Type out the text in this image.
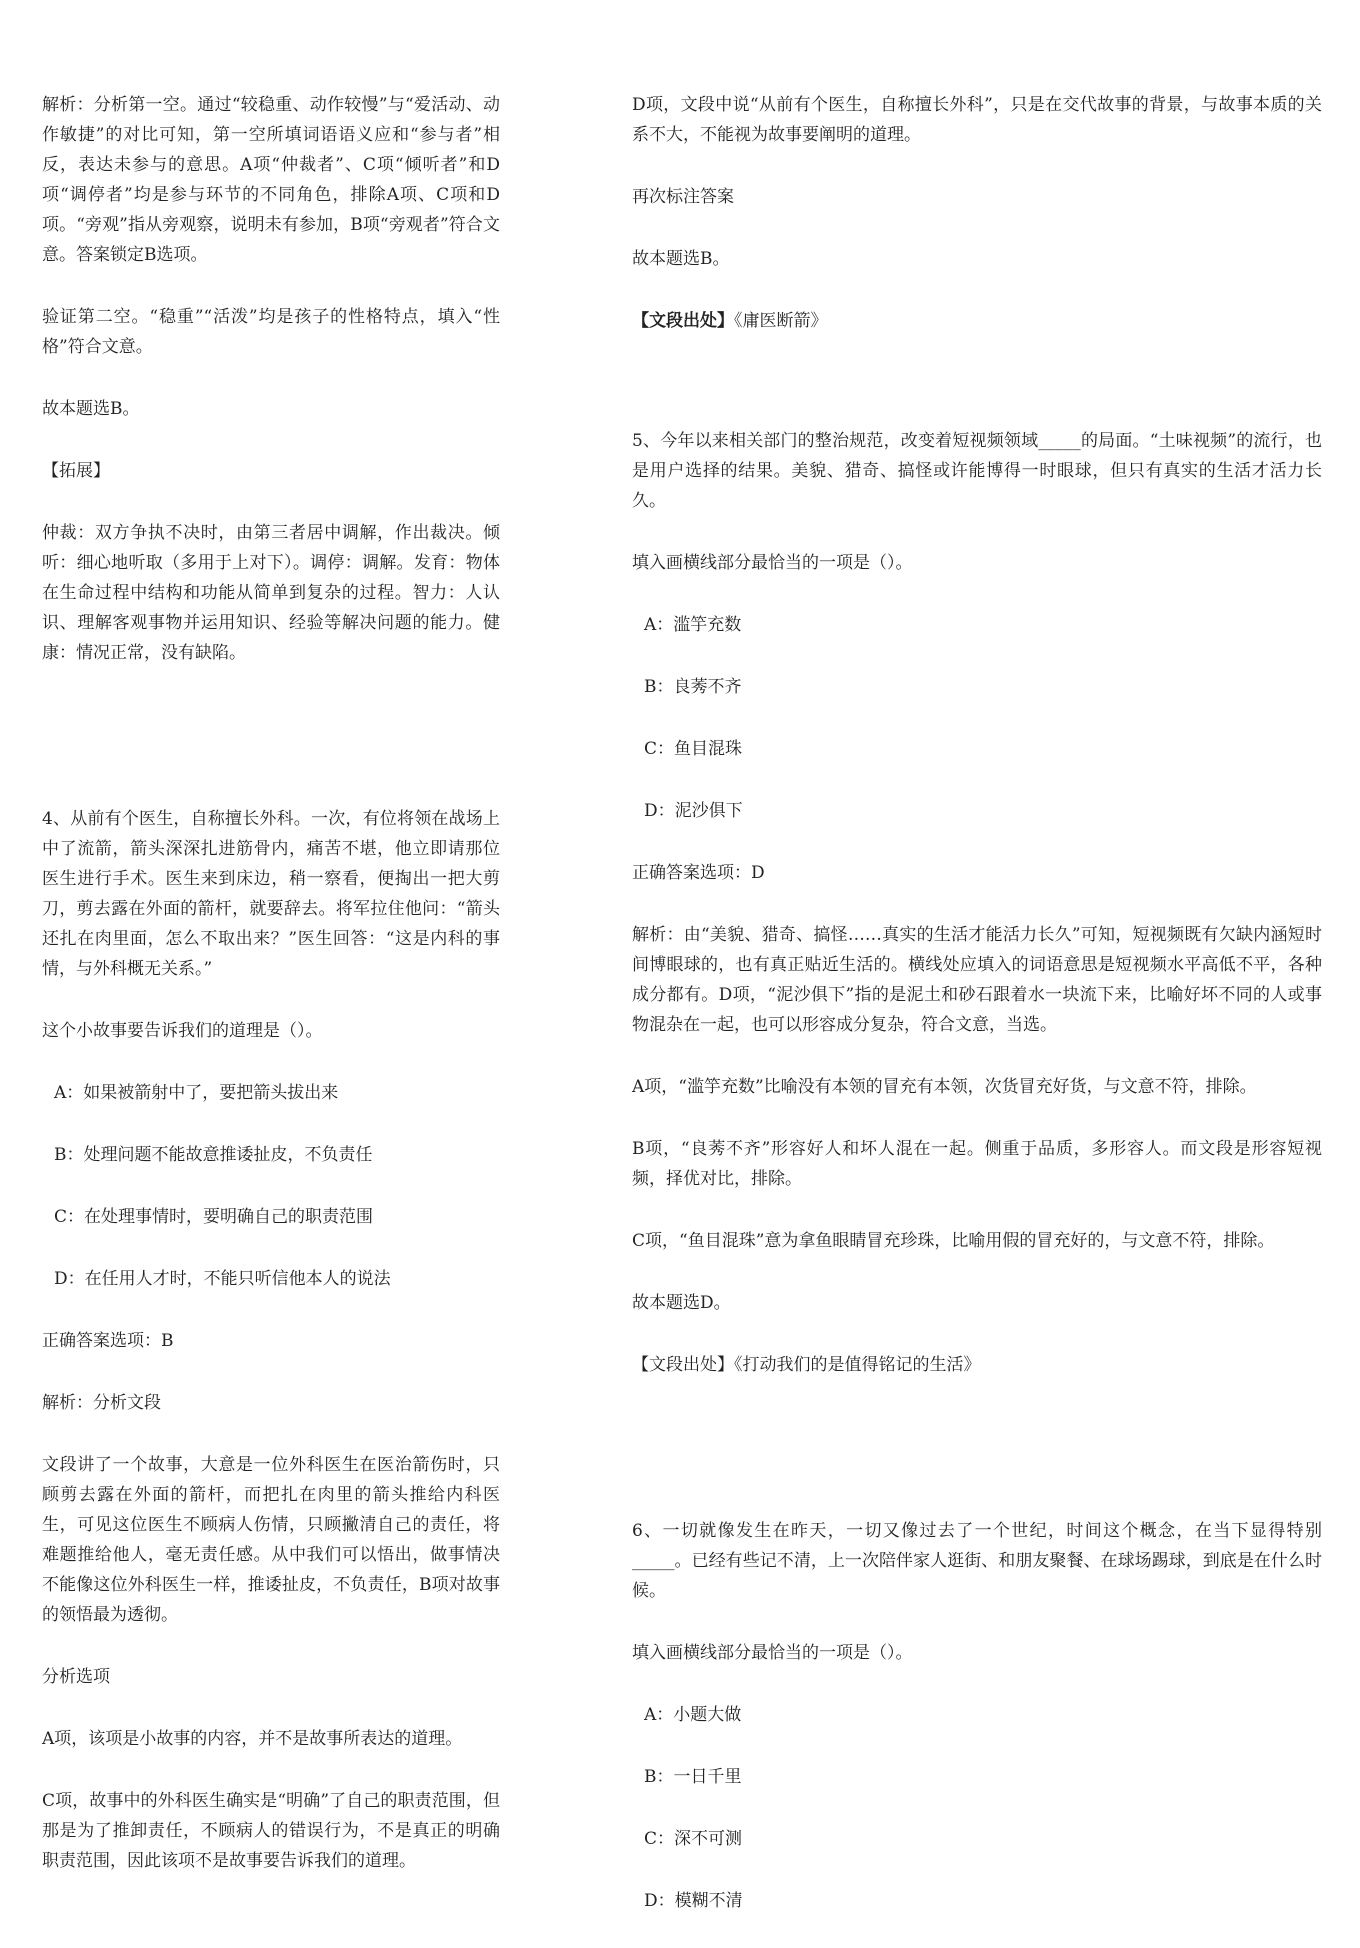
解析：分析第一空。通过“较稳重、动作较慢”与“爱活动、动作敏捷”的对比可知，第一空所填词语语义应和“参与者”相反，表达未参与的意思。A项“仲裁者”、C项“倾听者”和D项“调停者”均是参与环节的不同角色，排除A项、C项和D项。“旁观”指从旁观察，说明未有参加，B项“旁观者”符合文意。答案锁定B选项。

验证第二空。“稳重”“活泼”均是孩子的性格特点，填入“性格”符合文意。

故本题选B。

【拓展】

仲裁：双方争执不决时，由第三者居中调解，作出裁决。倾听：细心地听取（多用于上对下）。调停：调解。发育：物体在生命过程中结构和功能从简单到复杂的过程。智力：人认识、理解客观事物并运用知识、经验等解决问题的能力。健康：情况正常，没有缺陷。

4、从前有个医生，自称擅长外科。一次，有位将领在战场上中了流箭，箭头深深扎进筋骨内，痛苦不堪，他立即请那位医生进行手术。医生来到床边，稍一察看，便掏出一把大剪刀，剪去露在外面的箭杆，就要辞去。将军拉住他问：“箭头还扎在肉里面，怎么不取出来？”医生回答：“这是内科的事情，与外科概无关系。”

这个小故事要告诉我们的道理是（）。

A：如果被箭射中了，要把箭头拔出来

B：处理问题不能故意推诿扯皮，不负责任

C：在处理事情时，要明确自己的职责范围

D：在任用人才时，不能只听信他本人的说法

正确答案选项：B

解析：分析文段

文段讲了一个故事，大意是一位外科医生在医治箭伤时，只顾剪去露在外面的箭杆，而把扎在肉里的箭头推给内科医生，可见这位医生不顾病人伤情，只顾撇清自己的责任，将难题推给他人，毫无责任感。从中我们可以悟出，做事情决不能像这位外科医生一样，推诿扯皮，不负责任，B项对故事的领悟最为透彻。

分析选项

A项，该项是小故事的内容，并不是故事所表达的道理。

C项，故事中的外科医生确实是“明确”了自己的职责范围，但那是为了推卸责任，不顾病人的错误行为，不是真正的明确职责范围，因此该项不是故事要告诉我们的道理。

D项，文段中说“从前有个医生，自称擅长外科”，只是在交代故事的背景，与故事本质的关系不大，不能视为故事要阐明的道理。

再次标注答案

故本题选B。

【文段出处】《庸医断箭》

5、今年以来相关部门的整治规范，改变着短视频领域_____的局面。“土味视频”的流行，也是用户选择的结果。美貌、猎奇、搞怪或许能博得一时眼球，但只有真实的生活才活力长久。

填入画横线部分最恰当的一项是（）。

A：滥竽充数

B：良莠不齐

C：鱼目混珠

D：泥沙俱下

正确答案选项：D

解析：由“美貌、猎奇、搞怪……真实的生活才能活力长久”可知，短视频既有欠缺内涵短时间博眼球的，也有真正贴近生活的。横线处应填入的词语意思是短视频水平高低不平，各种成分都有。D项，“泥沙俱下”指的是泥土和砂石跟着水一块流下来，比喻好坏不同的人或事物混杂在一起，也可以形容成分复杂，符合文意，当选。

A项，“滥竽充数”比喻没有本领的冒充有本领，次货冒充好货，与文意不符，排除。

B项，“良莠不齐”形容好人和坏人混在一起。侧重于品质，多形容人。而文段是形容短视频，择优对比，排除。

C项，“鱼目混珠”意为拿鱼眼睛冒充珍珠，比喻用假的冒充好的，与文意不符，排除。

故本题选D。

【文段出处】《打动我们的是值得铭记的生活》

6、一切就像发生在昨天，一切又像过去了一个世纪，时间这个概念，在当下显得特别_____。已经有些记不清，上一次陪伴家人逛街、和朋友聚餐、在球场踢球，到底是在什么时候。

填入画横线部分最恰当的一项是（）。

A：小题大做

B：一日千里

C：深不可测

D：模糊不清
